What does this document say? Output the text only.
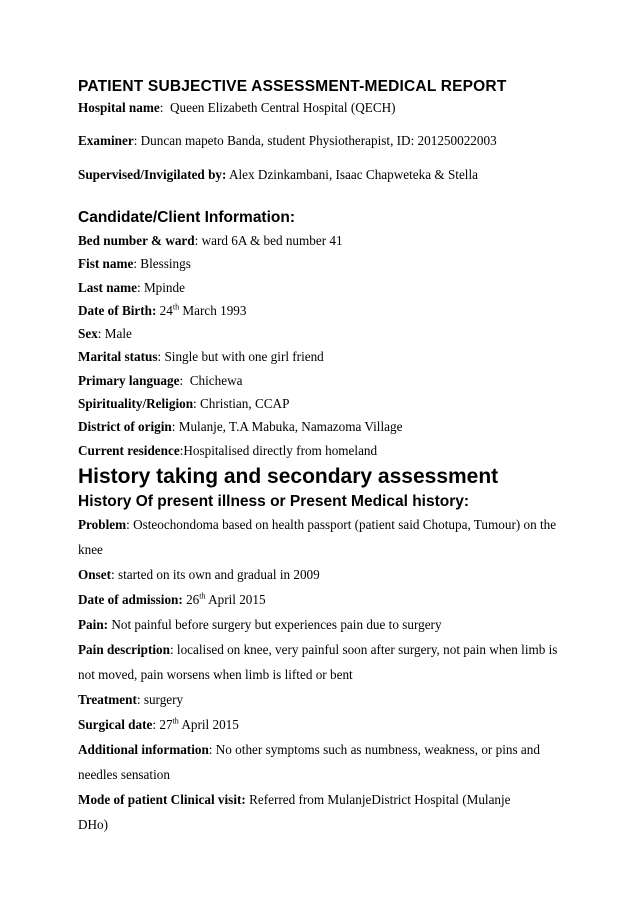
PATIENT SUBJECTIVE ASSESSMENT-MEDICAL REPORT

Hospital name:  Queen Elizabeth Central Hospital (QECH)

Examiner: Duncan mapeto Banda, student Physiotherapist, ID: 201250022003

Supervised/Invigilated by: Alex Dzinkambani, Isaac Chapweteka & Stella

Candidate/Client Information:

Bed number & ward: ward 6A & bed number 41

Fist name: Blessings

Last name: Mpinde

Date of Birth: 24th March 1993

Sex: Male

Marital status: Single but with one girl friend

Primary language:  Chichewa

Spirituality/Religion: Christian, CCAP

District of origin: Mulanje, T.A Mabuka, Namazoma Village

Current residence:Hospitalised directly from homeland

History taking and secondary assessment

History Of present illness or Present Medical history:

Problem: Osteochondoma based on health passport (patient said Chotupa, Tumour) on the knee

Onset: started on its own and gradual in 2009

Date of admission: 26th April 2015

Pain: Not painful before surgery but experiences pain due to surgery

Pain description: localised on knee, very painful soon after surgery, not pain when limb is not moved, pain worsens when limb is lifted or bent

Treatment: surgery

Surgical date: 27th April 2015

Additional information: No other symptoms such as numbness, weakness, or pins and needles sensation

Mode of patient Clinical visit: Referred from MulanjeDistrict Hospital (Mulanje DHo)
